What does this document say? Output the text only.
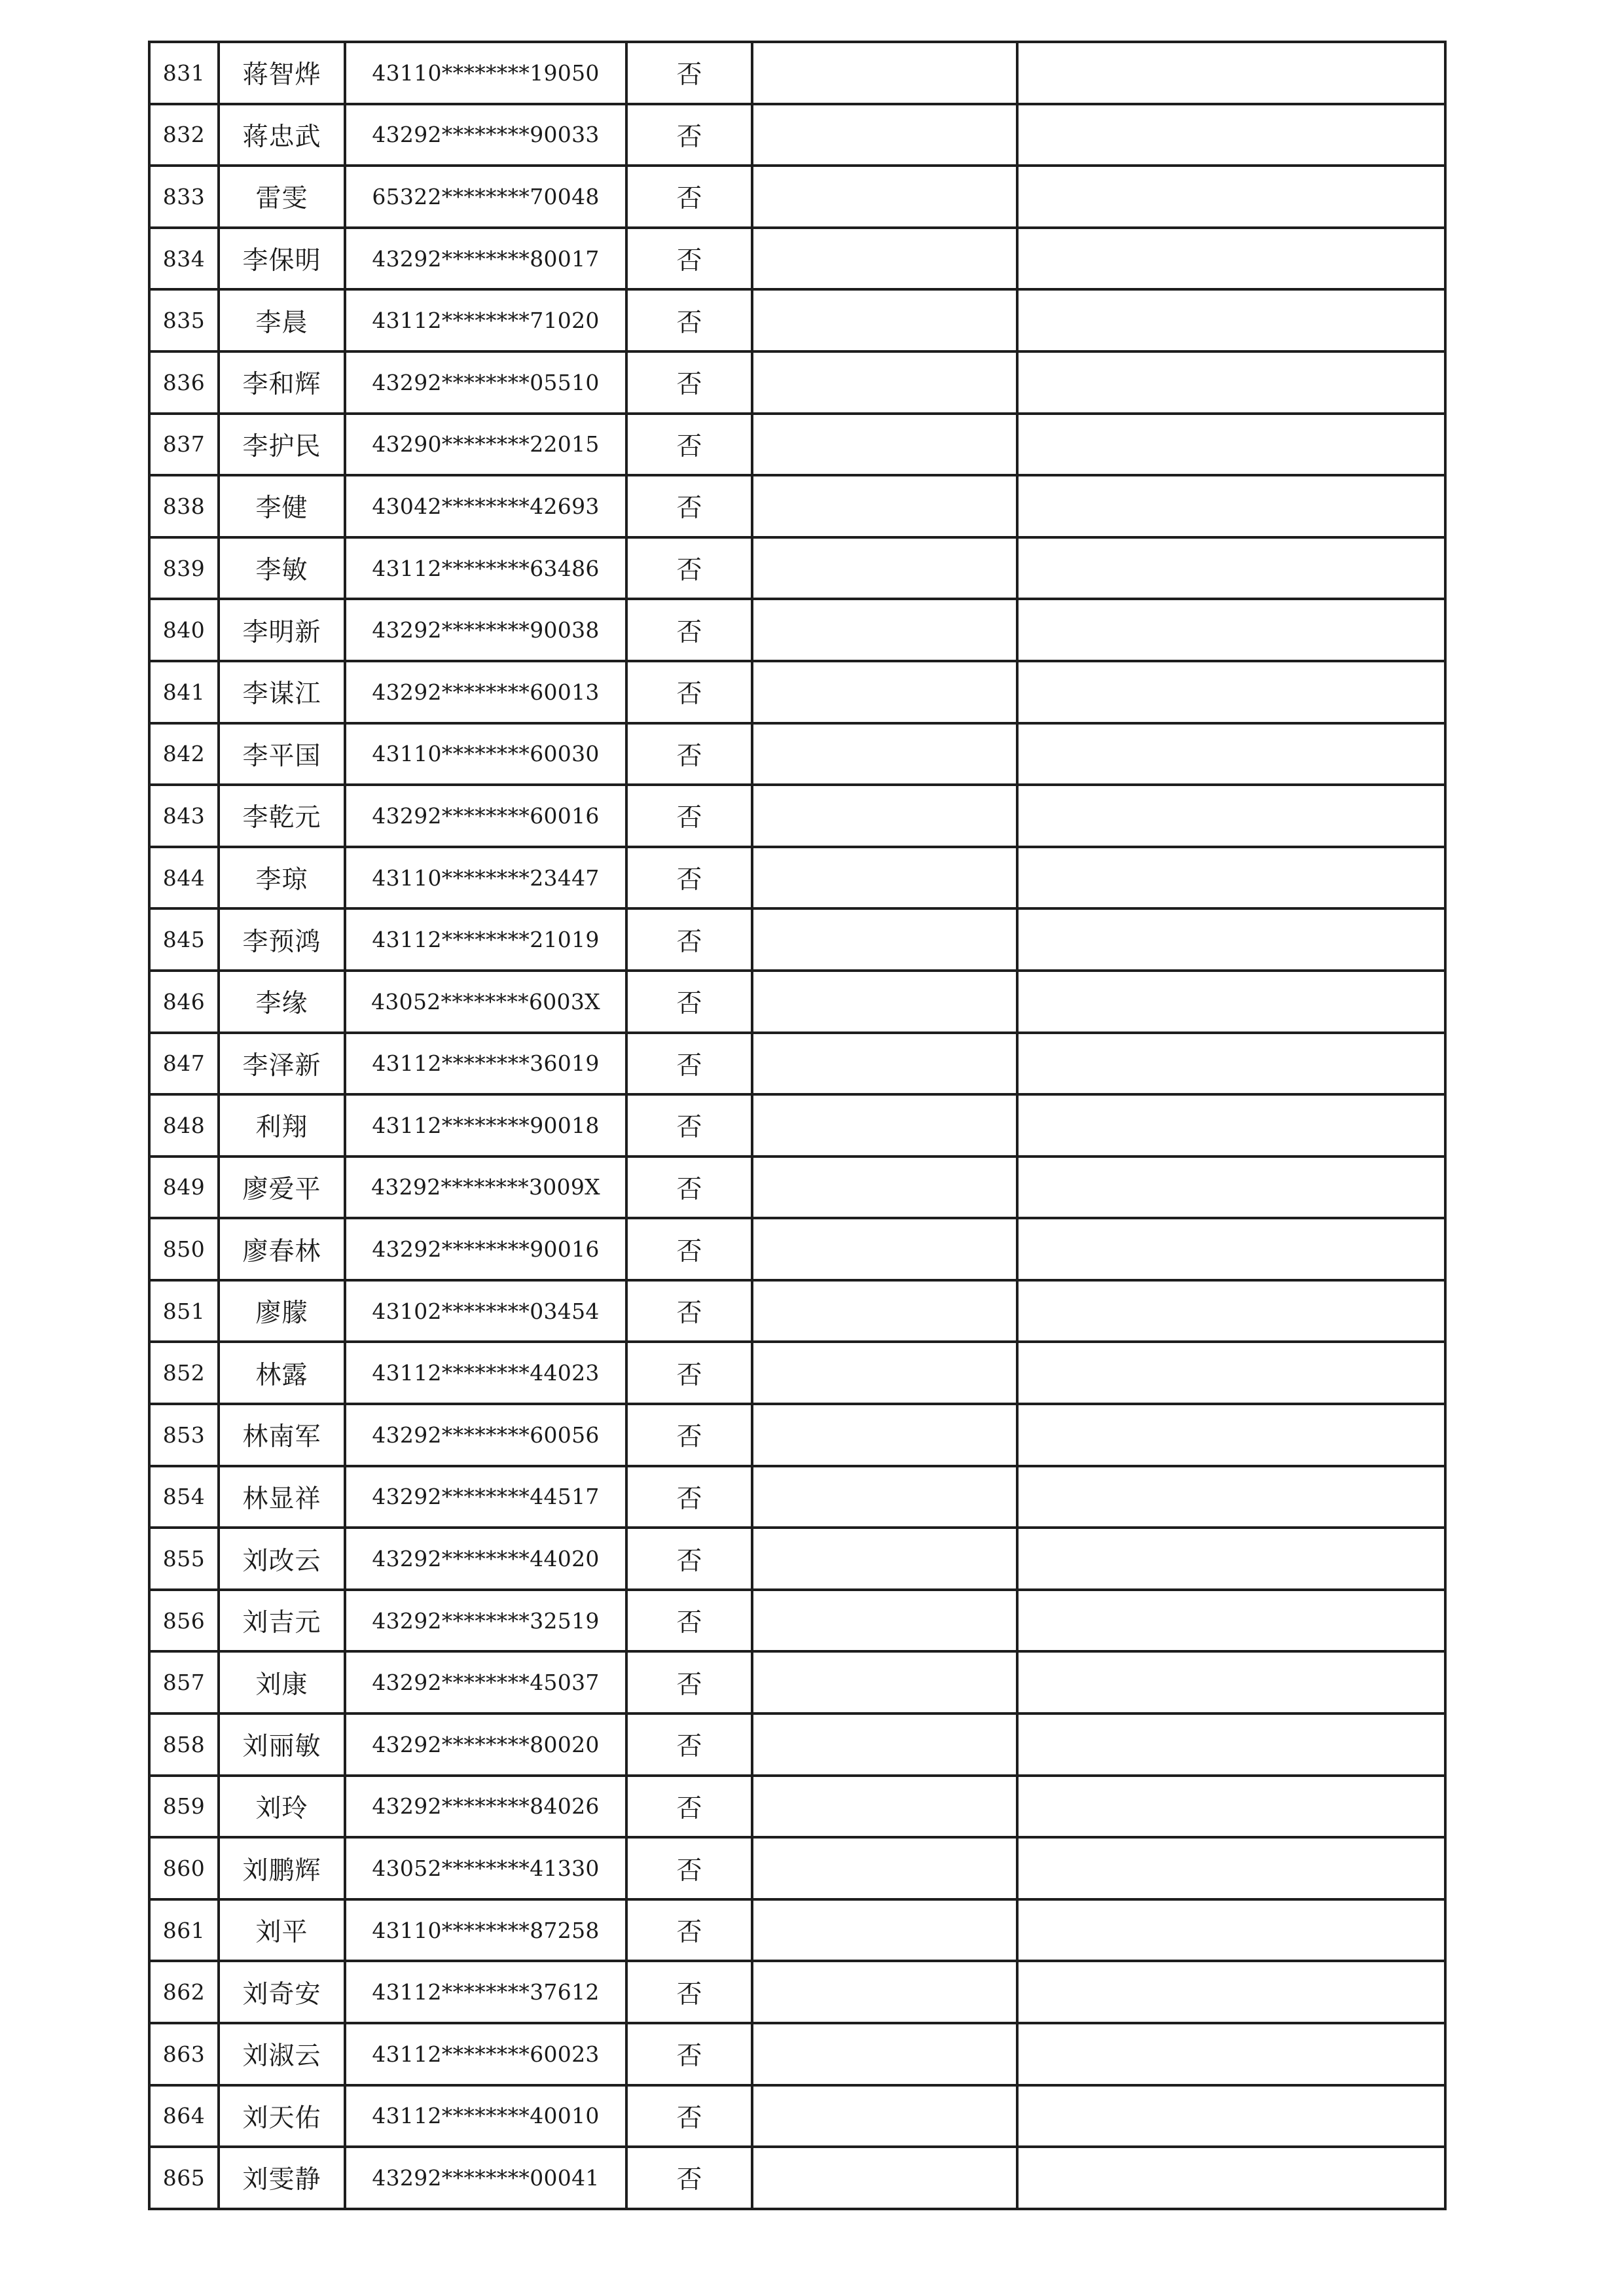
831	蒋智烨	43110********19050	否		
832	蒋忠武	43292********90033	否		
833	雷雯	65322********70048	否		
834	李保明	43292********80017	否		
835	李晨	43112********71020	否		
836	李和辉	43292********05510	否		
837	李护民	43290********22015	否		
838	李健	43042********42693	否		
839	李敏	43112********63486	否		
840	李明新	43292********90038	否		
841	李谋江	43292********60013	否		
842	李平国	43110********60030	否		
843	李乾元	43292********60016	否		
844	李琼	43110********23447	否		
845	李预鸿	43112********21019	否		
846	李缘	43052********6003X	否		
847	李泽新	43112********36019	否		
848	利翔	43112********90018	否		
849	廖爱平	43292********3009X	否		
850	廖春林	43292********90016	否		
851	廖朦	43102********03454	否		
852	林露	43112********44023	否		
853	林南军	43292********60056	否		
854	林显祥	43292********44517	否		
855	刘改云	43292********44020	否		
856	刘吉元	43292********32519	否		
857	刘康	43292********45037	否		
858	刘丽敏	43292********80020	否		
859	刘玲	43292********84026	否		
860	刘鹏辉	43052********41330	否		
861	刘平	43110********87258	否		
862	刘奇安	43112********37612	否		
863	刘淑云	43112********60023	否		
864	刘天佑	43112********40010	否		
865	刘雯静	43292********00041	否		
